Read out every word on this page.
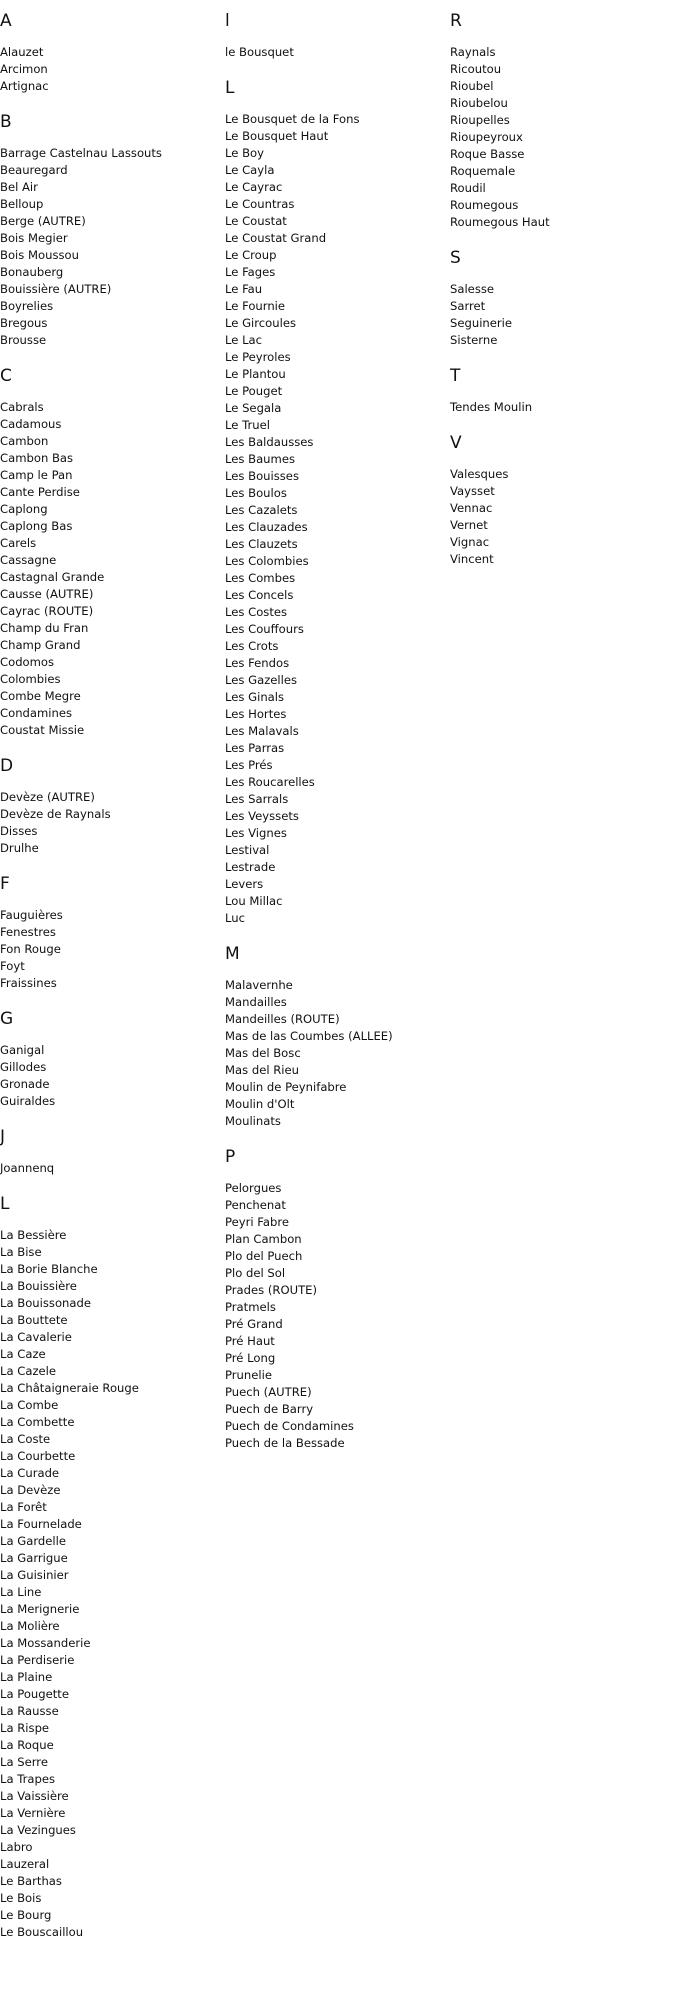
A
Alauzet
Arcimon
Artignac
B
Barrage Castelnau Lassouts
Beauregard
Bel Air
Belloup
Berge (AUTRE)
Bois Megier
Bois Moussou
Bonauberg
Bouissière (AUTRE)
Boyrelies
Bregous
Brousse
C
Cabrals
Cadamous
Cambon
Cambon Bas
Camp le Pan
Cante Perdise
Caplong
Caplong Bas
Carels
Cassagne
Castagnal Grande
Causse (AUTRE)
Cayrac (ROUTE)
Champ du Fran
Champ Grand
Codomos
Colombies
Combe Megre
Condamines
Coustat Missie
D
Devèze (AUTRE)
Devèze de Raynals
Disses
Drulhe
F
Fauguières
Fenestres
Fon Rouge
Foyt
Fraissines
G
Ganigal
Gillodes
Gronade
Guiraldes
J
Joannenq
L
La Bessière
La Bise
La Borie Blanche
La Bouissière
La Bouissonade
La Bouttete
La Cavalerie
La Caze
La Cazele
La Châtaigneraie Rouge
La Combe
La Combette
La Coste
La Courbette
La Curade
La Devèze
La Forêt
La Fournelade
La Gardelle
La Garrigue
La Guisinier
La Line
La Merignerie
La Molière
La Mossanderie
La Perdiserie
La Plaine
La Pougette
La Rausse
La Rispe
La Roque
La Serre
La Trapes
La Vaissière
La Vernière
La Vezingues
Labro
Lauzeral
Le Barthas
Le Bois
Le Bourg
Le Bouscaillou
l
le Bousquet
L
Le Bousquet de la Fons
Le Bousquet Haut
Le Boy
Le Cayla
Le Cayrac
Le Countras
Le Coustat
Le Coustat Grand
Le Croup
Le Fages
Le Fau
Le Fournie
Le Gircoules
Le Lac
Le Peyroles
Le Plantou
Le Pouget
Le Segala
Le Truel
Les Baldausses
Les Baumes
Les Bouisses
Les Boulos
Les Cazalets
Les Clauzades
Les Clauzets
Les Colombies
Les Combes
Les Concels
Les Costes
Les Couffours
Les Crots
Les Fendos
Les Gazelles
Les Ginals
Les Hortes
Les Malavals
Les Parras
Les Prés
Les Roucarelles
Les Sarrals
Les Veyssets
Les Vignes
Lestival
Lestrade
Levers
Lou Millac
Luc
M
Malavernhe
Mandailles
Mandeilles (ROUTE)
Mas de las Coumbes (ALLEE)
Mas del Bosc
Mas del Rieu
Moulin de Peynifabre
Moulin d'Olt
Moulinats
P
Pelorgues
Penchenat
Peyri Fabre
Plan Cambon
Plo del Puech
Plo del Sol
Prades (ROUTE)
Pratmels
Pré Grand
Pré Haut
Pré Long
Prunelie
Puech (AUTRE)
Puech de Barry
Puech de Condamines
Puech de la Bessade
R
Raynals
Ricoutou
Rioubel
Rioubelou
Rioupelles
Rioupeyroux
Roque Basse
Roquemale
Roudil
Roumegous
Roumegous Haut
S
Salesse
Sarret
Seguinerie
Sisterne
T
Tendes Moulin
V
Valesques
Vaysset
Vennac
Vernet
Vignac
Vincent
